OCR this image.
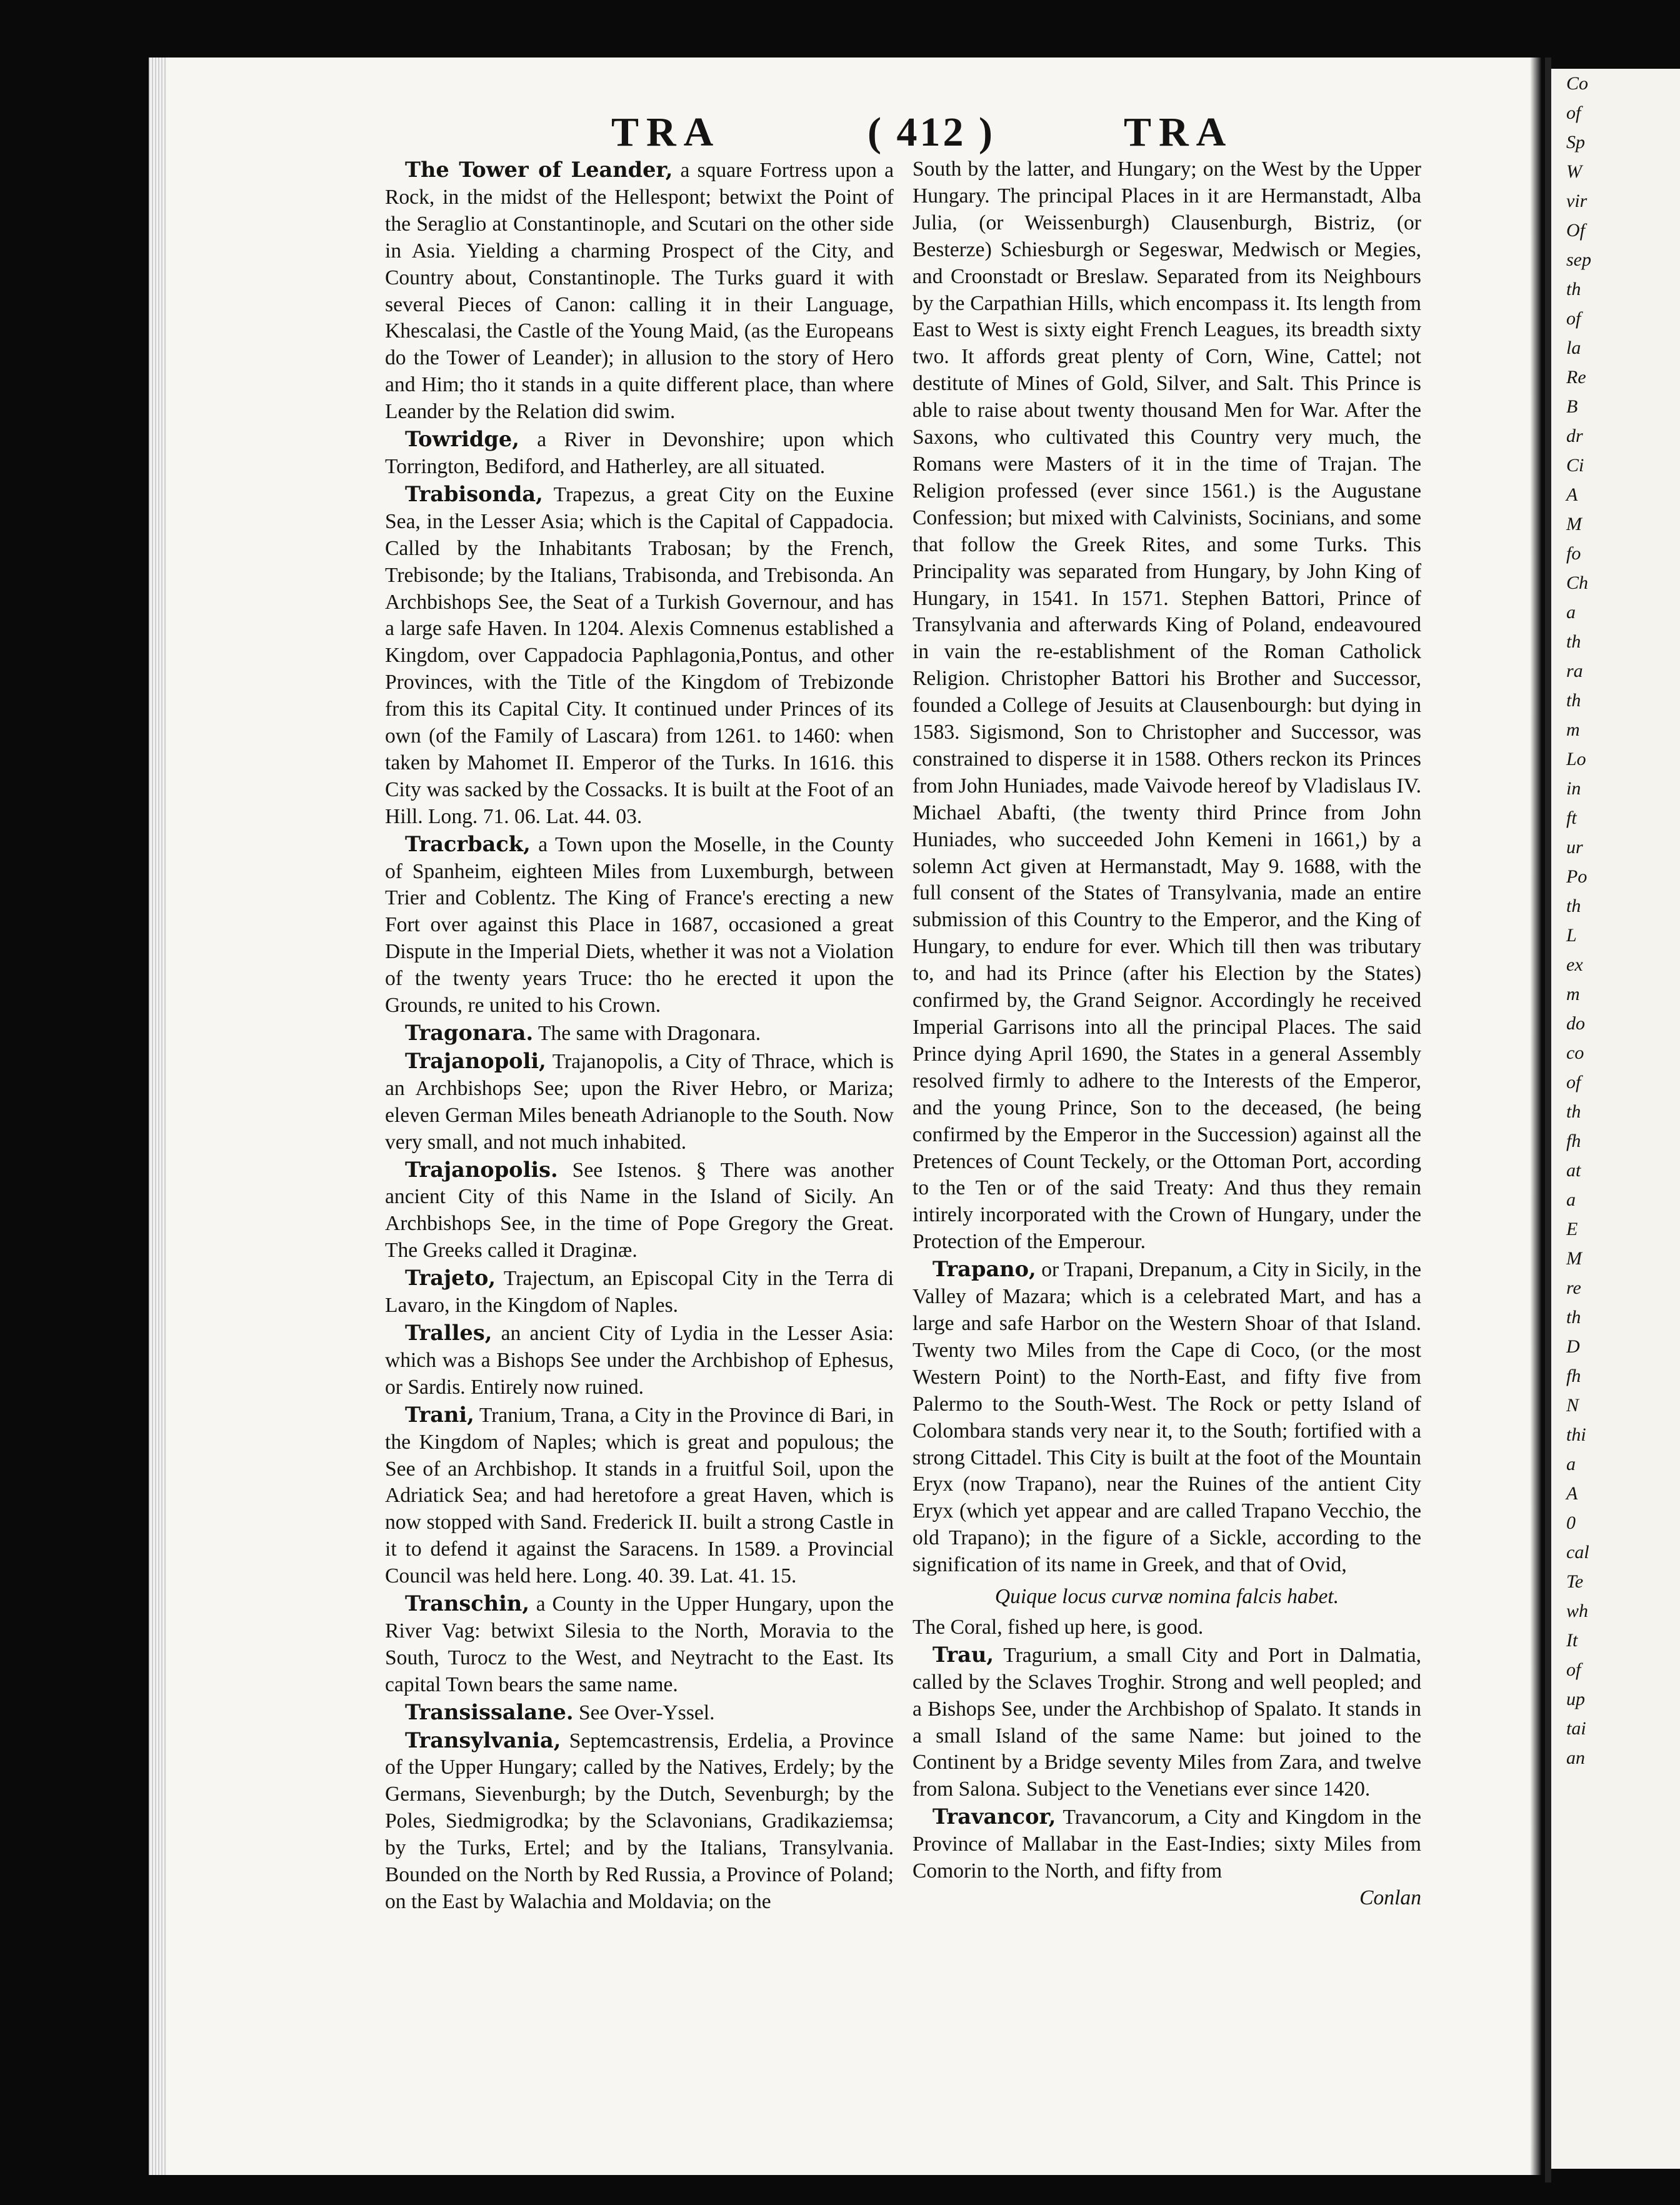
TRA	( 412 )	TRA

The Tower of Leander, a square Fortress upon a Rock, in the midst of the Hellespont; betwixt the Point of the Seraglio at Constantinople, and Scutari on the other side in Asia. Yielding a charming Prospect of the City, and Country about, Constantinople. The Turks guard it with several Pieces of Canon: calling it in their Language, Khescalasi, the Castle of the Young Maid, (as the Europeans do the Tower of Leander); in allusion to the story of Hero and Him; tho it stands in a quite different place, than where Leander by the Relation did swim.

Towridge, a River in Devonshire; upon which Torrington, Bediford, and Hatherley, are all situated.

Trabisonda, Trapezus, a great City on the Euxine Sea, in the Lesser Asia; which is the Capital of Cappadocia. Called by the Inhabitants Trabosan; by the French, Trebisonde; by the Italians, Trabisonda, and Trebisonda. An Archbishops See, the Seat of a Turkish Governour, and has a large safe Haven. In 1204. Alexis Comnenus established a Kingdom, over Cappadocia Paphlagonia,Pontus, and other Provinces, with the Title of the Kingdom of Trebizonde from this its Capital City. It continued under Princes of its own (of the Family of Lascara) from 1261. to 1460: when taken by Mahomet II. Emperor of the Turks. In 1616. this City was sacked by the Cossacks. It is built at the Foot of an Hill. Long. 71. 06. Lat. 44. 03.

Tracrback, a Town upon the Moselle, in the County of Spanheim, eighteen Miles from Luxemburgh, between Trier and Coblentz. The King of France's erecting a new Fort over against this Place in 1687, occasioned a great Dispute in the Imperial Diets, whether it was not a Violation of the twenty years Truce: tho he erected it upon the Grounds, re united to his Crown.

Tragonara. The same with Dragonara.

Trajanopoli, Trajanopolis, a City of Thrace, which is an Archbishops See; upon the River Hebro, or Mariza; eleven German Miles beneath Adrianople to the South. Now very small, and not much inhabited.

Trajanopolis. See Istenos. § There was another ancient City of this Name in the Island of Sicily. An Archbishops See, in the time of Pope Gregory the Great. The Greeks called it Draginæ.

Trajeto, Trajectum, an Episcopal City in the Terra di Lavaro, in the Kingdom of Naples.

Tralles, an ancient City of Lydia in the Lesser Asia: which was a Bishops See under the Archbishop of Ephesus, or Sardis. Entirely now ruined.

Trani, Tranium, Trana, a City in the Province di Bari, in the Kingdom of Naples; which is great and populous; the See of an Archbishop. It stands in a fruitful Soil, upon the Adriatick Sea; and had heretofore a great Haven, which is now stopped with Sand. Frederick II. built a strong Castle in it to defend it against the Saracens. In 1589. a Provincial Council was held here. Long. 40. 39. Lat. 41. 15.

Transchin, a County in the Upper Hungary, upon the River Vag: betwixt Silesia to the North, Moravia to the South, Turocz to the West, and Neytracht to the East. Its capital Town bears the same name.

Transissalane. See Over-Yssel.

Transylvania, Septemcastrensis, Erdelia, a Province of the Upper Hungary; called by the Natives, Erdely; by the Germans, Sievenburgh; by the Dutch, Sevenburgh; by the Poles, Siedmigrodka; by the Sclavonians, Gradikaziemsa; by the Turks, Ertel; and by the Italians, Transylvania. Bounded on the North by Red Russia, a Province of Poland; on the East by Walachia and Moldavia; on the

South by the latter, and Hungary; on the West by the Upper Hungary. The principal Places in it are Hermanstadt, Alba Julia, (or Weissenburgh) Clausenburgh, Bistriz, (or Besterze) Schiesburgh or Segeswar, Medwisch or Megies, and Croonstadt or Breslaw. Separated from its Neighbours by the Carpathian Hills, which encompass it. Its length from East to West is sixty eight French Leagues, its breadth sixty two. It affords great plenty of Corn, Wine, Cattel; not destitute of Mines of Gold, Silver, and Salt. This Prince is able to raise about twenty thousand Men for War. After the Saxons, who cultivated this Country very much, the Romans were Masters of it in the time of Trajan. The Religion professed (ever since 1561.) is the Augustane Confession; but mixed with Calvinists, Socinians, and some that follow the Greek Rites, and some Turks. This Principality was separated from Hungary, by John King of Hungary, in 1541. In 1571. Stephen Battori, Prince of Transylvania and afterwards King of Poland, endeavoured in vain the re-establishment of the Roman Catholick Religion. Christopher Battori his Brother and Successor, founded a College of Jesuits at Clausenbourgh: but dying in 1583. Sigismond, Son to Christopher and Successor, was constrained to disperse it in 1588. Others reckon its Princes from John Huniades, made Vaivode hereof by Vladislaus IV. Michael Abafti, (the twenty third Prince from John Huniades, who succeeded John Kemeni in 1661,) by a solemn Act given at Hermanstadt, May 9. 1688, with the full consent of the States of Transylvania, made an entire submission of this Country to the Emperor, and the King of Hungary, to endure for ever. Which till then was tributary to, and had its Prince (after his Election by the States) confirmed by, the Grand Seignor. Accordingly he received Imperial Garrisons into all the principal Places. The said Prince dying April 1690, the States in a general Assembly resolved firmly to adhere to the Interests of the Emperor, and the young Prince, Son to the deceased, (he being confirmed by the Emperor in the Succession) against all the Pretences of Count Teckely, or the Ottoman Port, according to the Ten or of the said Treaty: And thus they remain intirely incorporated with the Crown of Hungary, under the Protection of the Emperour.

Trapano, or Trapani, Drepanum, a City in Sicily, in the Valley of Mazara; which is a celebrated Mart, and has a large and safe Harbor on the Western Shoar of that Island. Twenty two Miles from the Cape di Coco, (or the most Western Point) to the North-East, and fifty five from Palermo to the South-West. The Rock or petty Island of Colombara stands very near it, to the South; fortified with a strong Cittadel. This City is built at the foot of the Mountain Eryx (now Trapano), near the Ruines of the antient City Eryx (which yet appear and are called Trapano Vecchio, the old Trapano); in the figure of a Sickle, according to the signification of its name in Greek, and that of Ovid,

Quique locus curvæ nomina falcis habet.

The Coral, fished up here, is good.

Trau, Tragurium, a small City and Port in Dalmatia, called by the Sclaves Troghir. Strong and well peopled; and a Bishops See, under the Archbishop of Spalato. It stands in a small Island of the same Name: but joined to the Continent by a Bridge seventy Miles from Zara, and twelve from Salona. Subject to the Venetians ever since 1420.

Travancor, Travancorum, a City and Kingdom in the Province of Mallabar in the East-Indies; sixty Miles from Comorin to the North, and fifty from

Conlan

Co
of
Sp
W
vir
Of
sep
th
of
la
Re
B
dr
Ci
A
M
fo
Ch
a
th
ra
th
m
Lo
in
ft
ur
Po
th
L
ex
m
do
co
of
th
fh
at
a
E
M
re
th
D
fh
N
thi
a
A
0
cal
Te
wh
It
of
up
tai
an
